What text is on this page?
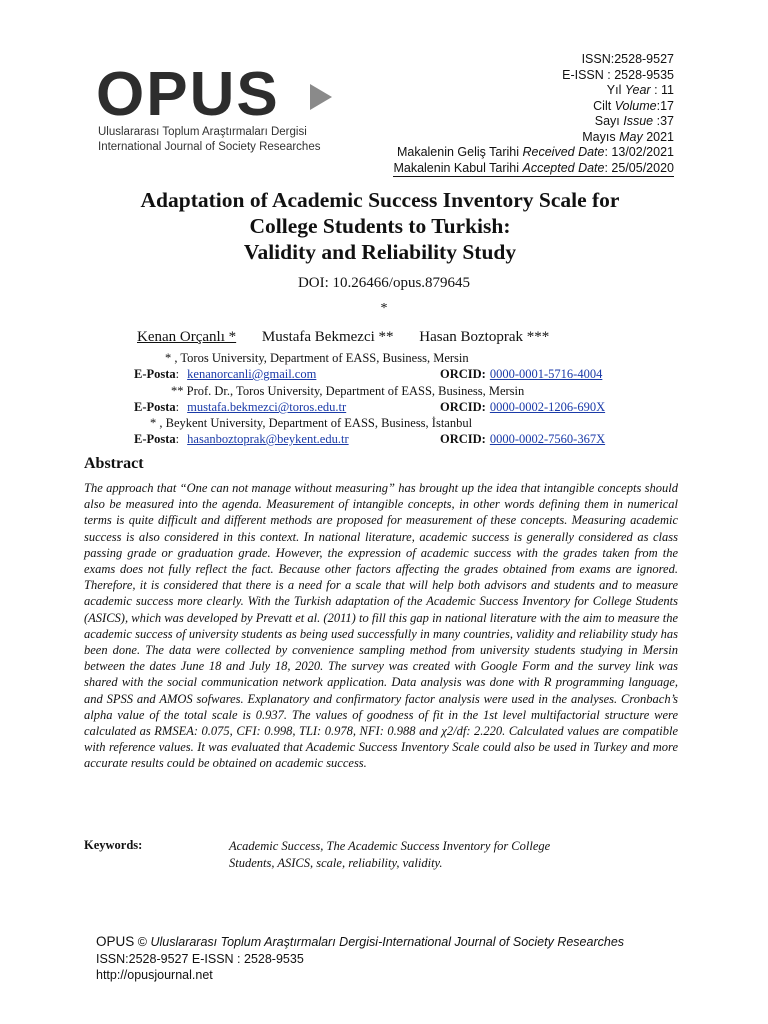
OPUS
Uluslararası Toplum Araştırmaları Dergisi
International Journal of Society Researches
ISSN:2528-9527
E-ISSN : 2528-9535
Yıl Year : 11
Cilt Volume:17
Sayı Issue :37
Mayıs May 2021
Makalenin Geliş Tarihi Received Date: 13/02/2021
Makalenin Kabul Tarihi Accepted Date: 25/05/2020
Adaptation of Academic Success Inventory Scale for
College Students to Turkish:
Validity and Reliability Study
DOI: 10.26466/opus.879645
*
Kenan Orçanlı * Mustafa Bekmezci ** Hasan Boztoprak ***
* , Toros University, Department of EASS, Business, Mersin
E-Posta: kenanorcanli@gmail.com	ORCID: 0000-0001-5716-4004
** Prof. Dr., Toros University, Department of EASS, Business, Mersin
E-Posta: mustafa.bekmezci@toros.edu.tr	ORCID: 0000-0002-1206-690X
* , Beykent University, Department of EASS, Business, İstanbul
E-Posta: hasanboztoprak@beykent.edu.tr	ORCID: 0000-0002-7560-367X
Abstract

The approach that “One can not manage without measuring” has brought up the idea that intangible concepts should also be measured into the agenda. Measurement of intangible concepts, in other words defining them in numerical terms is quite difficult and different methods are proposed for measurement of these concepts. Measuring academic success is also considered in this context. In national literature, academic success is generally considered as class passing grade or graduation grade. However, the expression of academic success with the grades taken from the exams does not fully reflect the fact. Because other factors affecting the grades obtained from exams are ignored. Therefore, it is considered that there is a need for a scale that will help both advisors and students and to measure academic success more clearly. With the Turkish adaptation of the Academic Success Inventory for College Students (ASICS), which was developed by Prevatt et al. (2011) to fill this gap in national literature with the aim to measure the academic success of university students as being used successfully in many countries, validity and reliability study has been done. The data were collected by convenience sampling method from university students studying in Mersin between the dates June 18 and July 18, 2020. The survey was created with Google Form and the survey link was shared with the social communication network application. Data analysis was done with R programming language, and SPSS and AMOS sofwares. Explanatory and confirmatory factor analysis were used in the analyses. Cronbach’s alpha value of the total scale is 0.937. The values of goodness of fit in the 1st level multifactorial structure were calculated as RMSEA: 0.075, CFI: 0.998, TLI: 0.978, NFI: 0.988 and χ2/df: 2.220. Calculated values are compatible with reference values. It was evaluated that Academic Success Inventory Scale could also be used in Turkey and more accurate results could be obtained on academic success.

Keywords:	Academic Success, The Academic Success Inventory for College Students, ASICS, scale, reliability, validity.
OPUS © Uluslararası Toplum Araştırmaları Dergisi-International Journal of Society Researches
ISSN:2528-9527 E-ISSN : 2528-9535
http://opusjournal.net
